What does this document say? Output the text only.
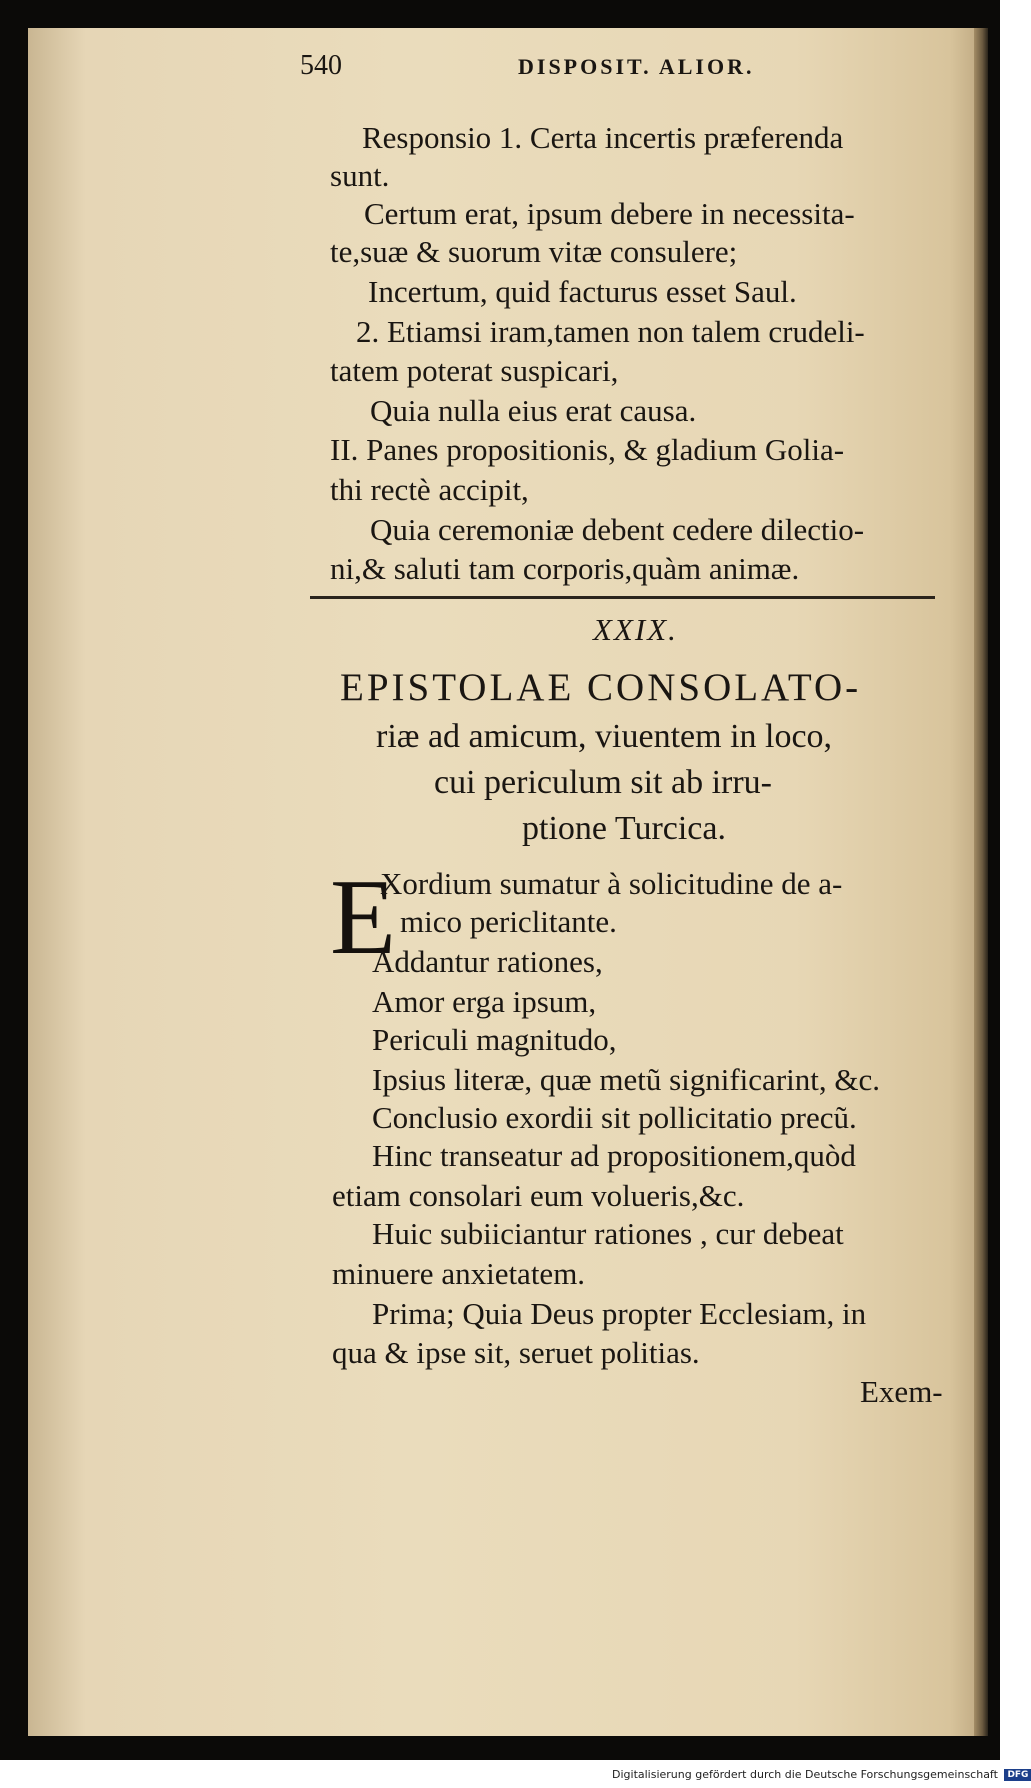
540	DISPOSIT. ALIOR.
Responsio 1. Certa incertis præferenda
sunt.
Certum erat, ipsum debere in necessita-
te,suæ & suorum vitæ consulere;
Incertum, quid facturus esset Saul.
2. Etiamsi iram,tamen non talem crudeli-
tatem poterat suspicari,
Quia nulla eius erat causa.
II. Panes propositionis, & gladium Golia-
thi rectè accipit,
Quia ceremoniæ debent cedere dilectio-
ni,& saluti tam corporis,quàm animæ.
XXIX.
EPISTOLAE CONSOLATO-
riæ ad amicum, viuentem in loco,
cui periculum sit ab irru-
ptione Turcica.
E
Xordium sumatur à solicitudine de a-
mico periclitante.
Addantur rationes,
Amor erga ipsum,
Periculi magnitudo,
Ipsius literæ, quæ metũ significarint, &c.
Conclusio exordii sit pollicitatio precũ.
Hinc transeatur ad propositionem,quòd
etiam consolari eum volueris,&c.
Huic subiiciantur rationes , cur debeat
minuere anxietatem.
Prima; Quia Deus propter Ecclesiam, in
qua & ipse sit, seruet politias.
Exem-
Digitalisierung gefördert durch die Deutsche Forschungsgemeinschaft DFG
